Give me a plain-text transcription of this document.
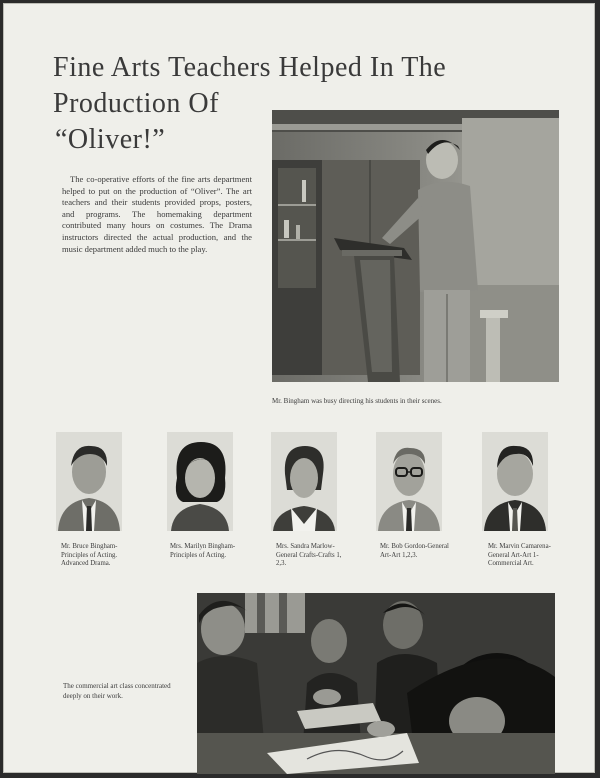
Fine Arts Teachers Helped In The
Production Of
“Oliver!”

The co-operative efforts of the fine arts department helped to put on the production of “Oliver”. The art teachers and their students provided props, posters, and programs. The homemaking department contributed many hours on costumes. The Drama instructors directed the actual production, and the music department added much to the play.

Mr. Bingham was busy directing his students in their scenes.

Mr. Bruce Bingham-Principles of Acting. Advanced Drama.

Mrs. Marilyn Bingham-Principles of Acting.

Mrs. Sandra Marlow-General Crafts-Crafts 1, 2,3.

Mr. Bob Gordon-General Art-Art 1,2,3.

Mr. Marvin Camarena-General Art-Art 1-Commercial Art.

The commercial art class concentrated deeply on their work.
